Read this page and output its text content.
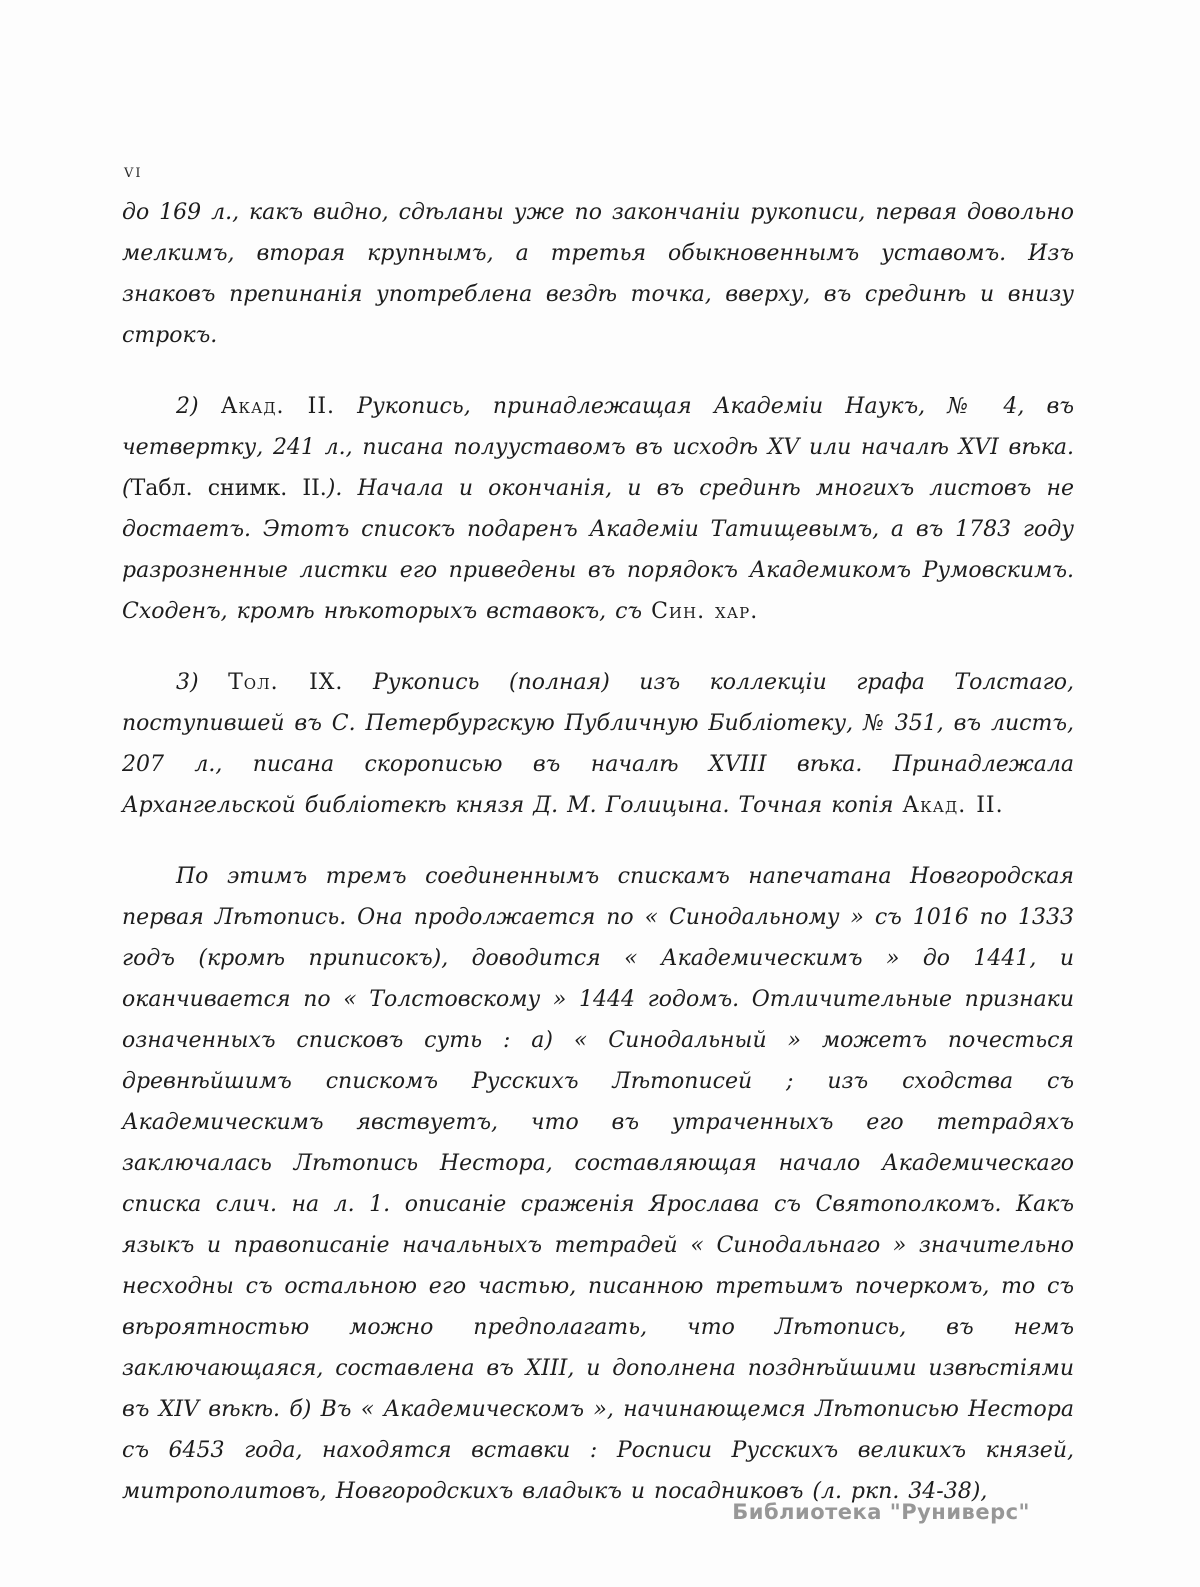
vi

до 169 л., какъ видно, сдѣланы уже по закончаніи рукописи, первая довольно мелкимъ, вторая крупнымъ, а третья обыкновеннымъ уставомъ. Изъ знаковъ препинанія употреблена вездѣ точка, вверху, въ срединѣ и внизу строкъ.

2) Акад. II. Рукопись, принадлежащая Академіи Наукъ, № 4, въ четвертку, 241 л., писана полууставомъ въ исходѣ XV или началѣ XVI вѣка. (Табл. снимк. II.). Начала и окончанія, и въ срединѣ многихъ листовъ не достаетъ. Этотъ списокъ подаренъ Академіи Татищевымъ, а въ 1783 году разрозненные листки его приведены въ порядокъ Академикомъ Румовскимъ. Сходенъ, кромѣ нѣкоторыхъ вставокъ, съ Син. хар.

3) Тол. IX. Рукопись (полная) изъ коллекціи графа Толстаго, поступившей въ С. Петербургскую Публичную Библіотеку, № 351, въ листъ, 207 л., писана скорописью въ началѣ XVIII вѣка. Принадлежала Архангельской библіотекѣ князя Д. М. Голицына. Точная копія Акад. II.

По этимъ тремъ соединеннымъ спискамъ напечатана Новгородская первая Лѣтопись. Она продолжается по « Синодальному » съ 1016 по 1333 годъ (кромѣ приписокъ), доводится « Академическимъ » до 1441, и оканчивается по « Толстовскому » 1444 годомъ. Отличительные признаки означенныхъ списковъ суть : а) « Синодальный » можетъ почесться древнѣйшимъ спискомъ Русскихъ Лѣтописей ; изъ сходства съ Академическимъ явствуетъ, что въ утраченныхъ его тетрадяхъ заключалась Лѣтопись Нестора, составляющая начало Академическаго списка слич. на л. 1. описаніе сраженія Ярослава съ Святополкомъ. Какъ языкъ и правописаніе начальныхъ тетрадей « Синодальнаго » значительно несходны съ остальною его частью, писанною третьимъ почеркомъ, то съ вѣроятностью можно предполагать, что Лѣтопись, въ немъ заключающаяся, составлена въ XIII, и дополнена позднѣйшими извѣстіями въ XIV вѣкѣ. б) Въ « Академическомъ », начинающемся Лѣтописью Нестора съ 6453 года, находятся вставки : Росписи Русскихъ великихъ князей, митрополитовъ, Новгородскихъ владыкъ и посадниковъ (л. ркп. 34-38),

Библиотека "Руниверс"
